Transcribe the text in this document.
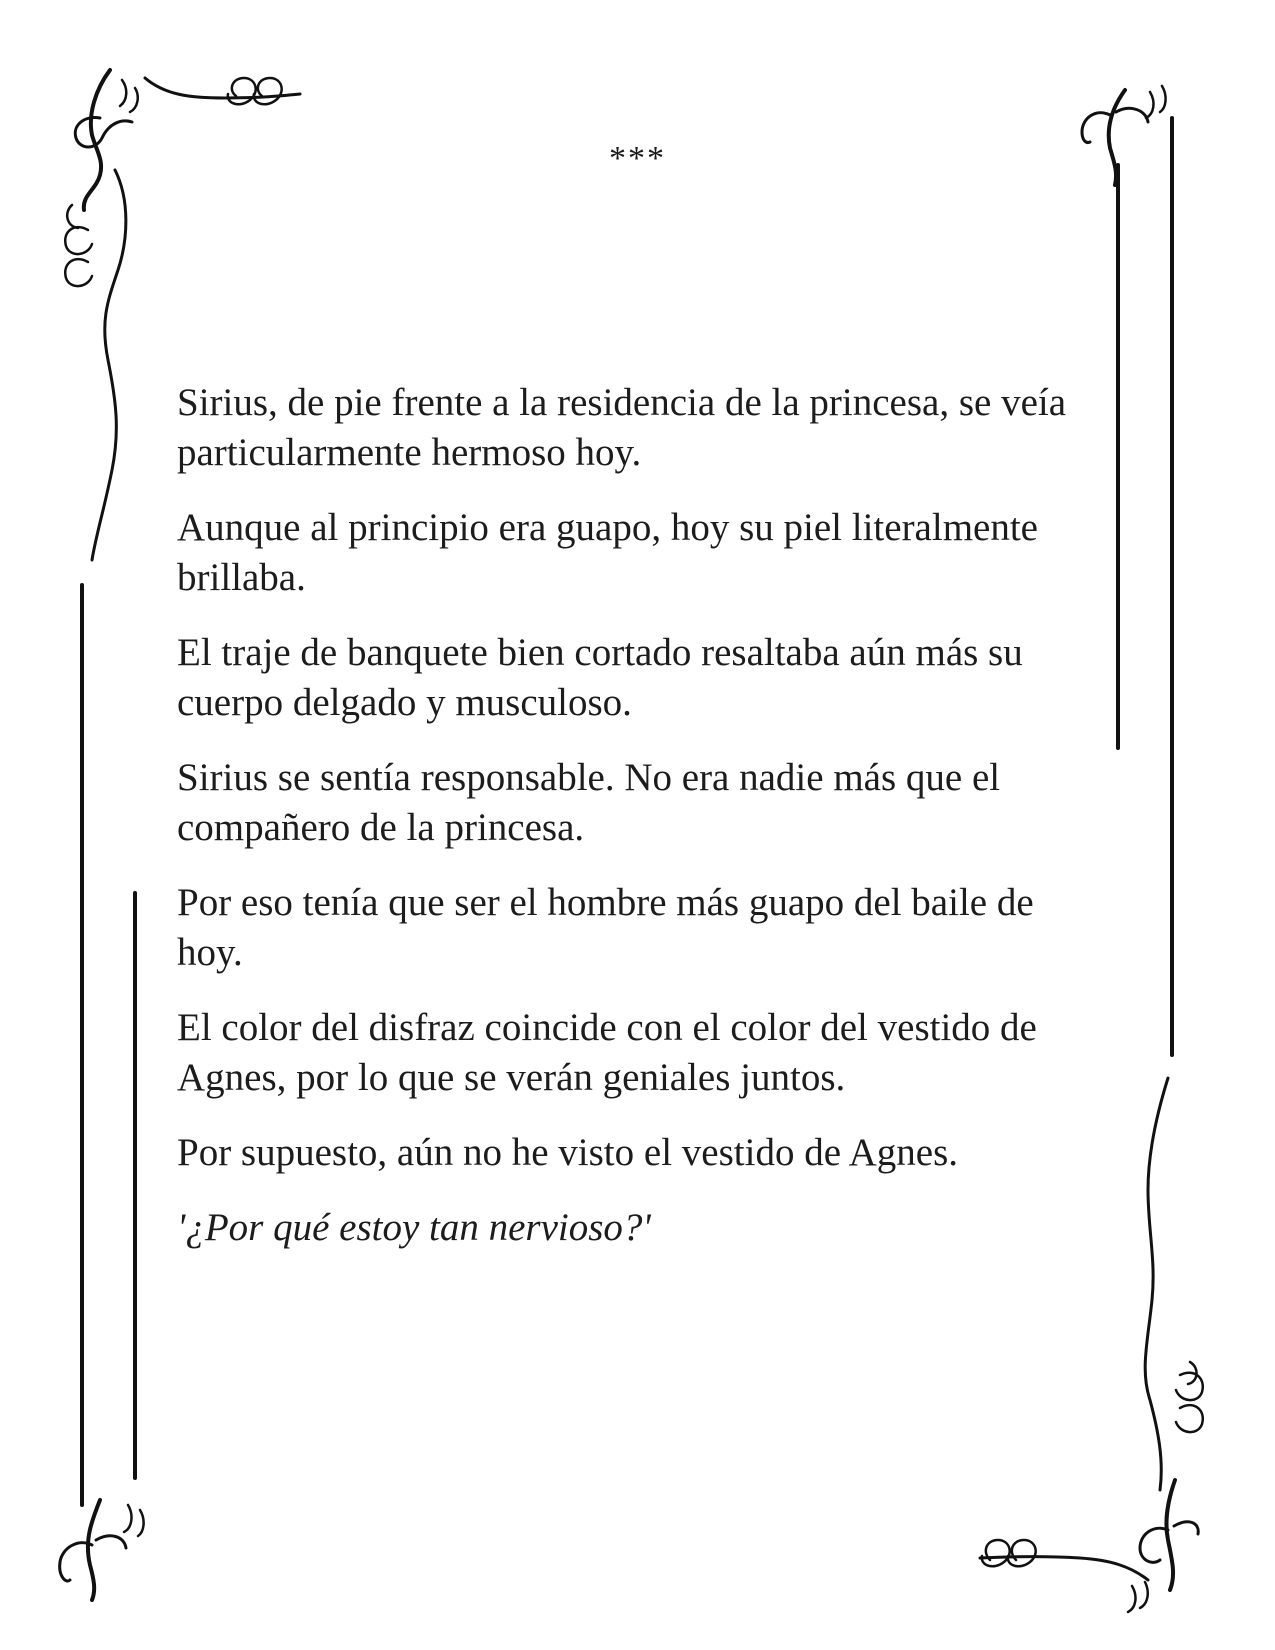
***

Sirius, de pie frente a la residencia de la princesa, se veía particularmente hermoso hoy.

Aunque al principio era guapo, hoy su piel literalmente brillaba.

El traje de banquete bien cortado resaltaba aún más su cuerpo delgado y musculoso.

Sirius se sentía responsable. No era nadie más que el compañero de la princesa.

Por eso tenía que ser el hombre más guapo del baile de hoy.

El color del disfraz coincide con el color del vestido de Agnes, por lo que se verán geniales juntos.

Por supuesto, aún no he visto el vestido de Agnes.

'¿Por qué estoy tan nervioso?'
